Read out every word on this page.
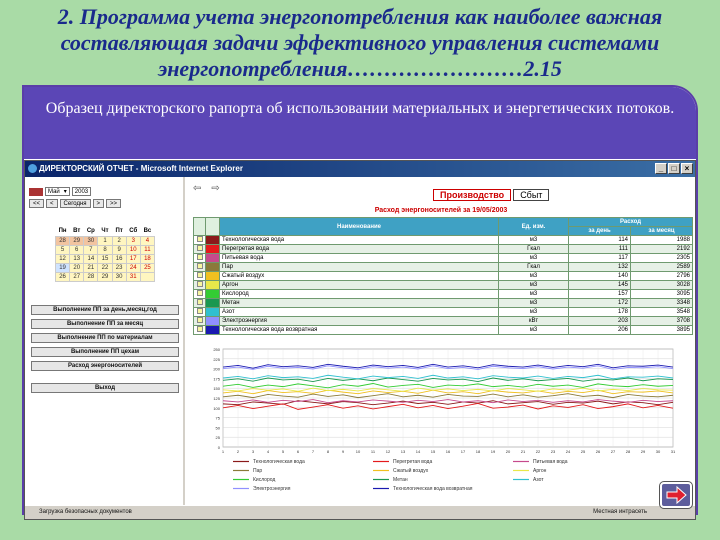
2. Программа учета энергопотребления как наиболее важная составляющая задачи эффективного управления системами энергопотребления……………………2.15
Образец директорского рапорта об использовании материальных и энергетических потоков.
ДИРЕКТОРСКИЙ ОТЧЕТ - Microsoft Internet Explorer	_	□	×
Май ▾	2003
<<	<	Сегодня	>	>>
Пн	Вт	Ср	Чт	Пт	Сб	Вс
28	29	30	1	2	3	4
5	6	7	8	9	10	11
12	13	14	15	16	17	18
19	20	21	22	23	24	25
26	27	28	29	30	31	
Выполнение ПП за день,месяц,год
Выполнение ПП за месяц
Выполнение ПП по материалам
Выполнение ПП цехам
Расход энергоносителей
Выход
⇦ ⇨
Производство	Сбыт
Расход энергоносителей за 19/05/2003
		Наименование	Ед. изм.	Расход	
				за день	за месяц
		Технологическая вода	м3	114	1988
		Перегретая вода	Гкал	111	2192
		Питьевая вода	м3	117	2305
		Пар	Гкал	132	2589
		Сжатый воздух	м3	140	2796
		Аргон	м3	145	3028
		Кислород	м3	157	3095
		Метан	м3	172	3348
		Азот	м3	178	3548
		Электроэнергия	кВт	203	3708
		Технологическая вода возвратная	м3	206	3895
0
25
50
75
100
125
150
175
200
225
250
1	2	3	4	5	6	7	8	9	10	11	12	13	14	15	16	17	18	19	20	21	22	23	24	25	26	27	28	29	30	31
Технологическая вода	Перегретая вода	Питьевая вода
Пар	Сжатый воздух	Аргон
Кислород	Метан	Азот
Электроэнергия	Технологическая вода возвратная
Загрузка безопасных документов	Местная интрасеть
